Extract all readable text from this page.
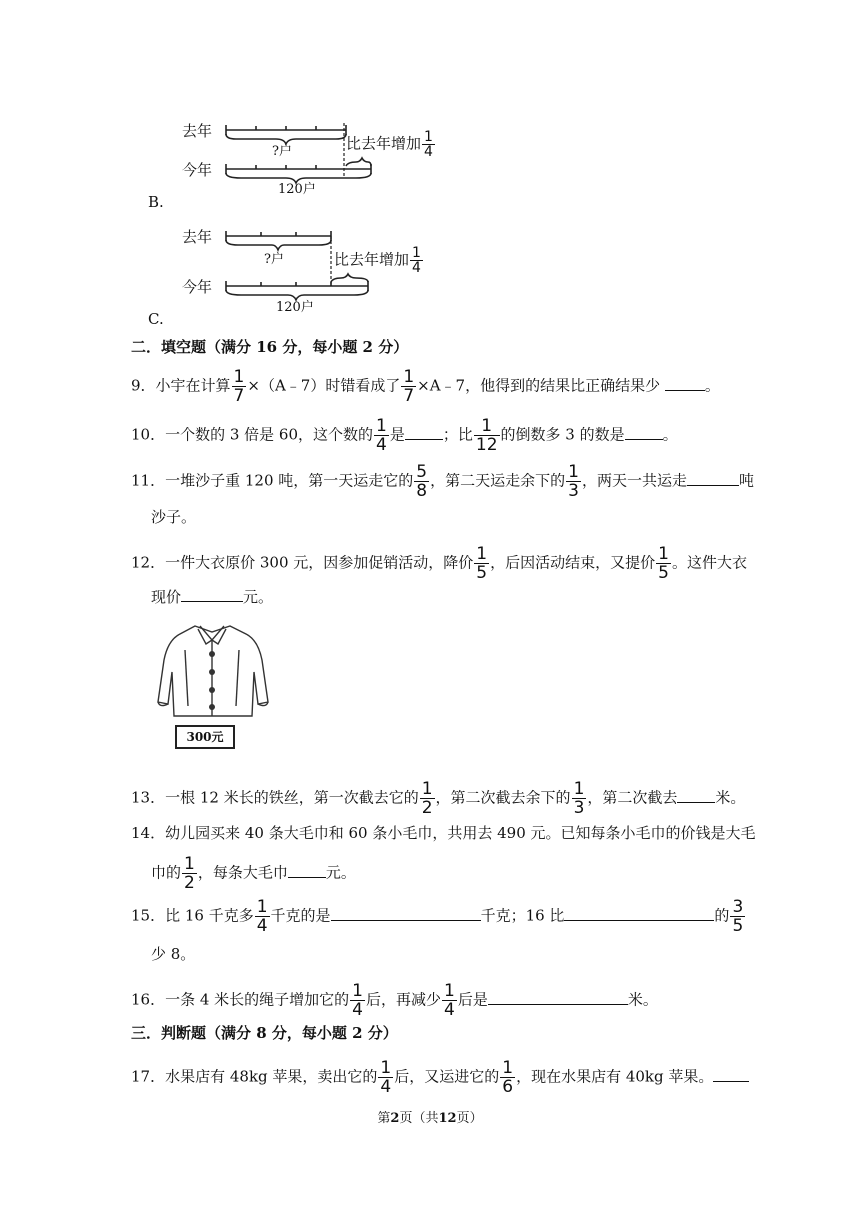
去年
今年
?户
120户
比去年增加 $\frac{1}{4}$
B.
去年
今年
?户
120户
比去年增加 $\frac{1}{4}$
C.
二．填空题（满分 16 分，每小题 2 分）
9．小宇在计算 $\frac{1}{7}$ ×（A﹣7）时错看成了 $\frac{1}{7}$ ×A﹣7，他得到的结果比正确结果少	。
10．一个数的 3 倍是 60，这个数的 $\frac{1}{4}$ 是	；比 $\frac{1}{12}$ 的倒数多 3 的数是	。
11．一堆沙子重 120 吨，第一天运走它的 $\frac{5}{8}$ ，第二天运走余下的 $\frac{1}{3}$ ，两天一共运走	吨
沙子。
12．一件大衣原价 300 元，因参加促销活动，降价 $\frac{1}{5}$ ，后因活动结束，又提价 $\frac{1}{5}$ 。这件大衣
现价	元。
300元
13．一根 12 米长的铁丝，第一次截去它的 $\frac{1}{2}$ ，第二次截去余下的 $\frac{1}{3}$ ，第二次截去	米。
14．幼儿园买来 40 条大毛巾和 60 条小毛巾，共用去 490 元。已知每条小毛巾的价钱是大毛
巾的 $\frac{1}{2}$ ，每条大毛巾	元。
15．比 16 千克多 $\frac{1}{4}$ 千克的是	千克；16 比	的 $\frac{3}{5}$
少 8。
16．一条 4 米长的绳子增加它的 $\frac{1}{4}$ 后，再减少 $\frac{1}{4}$ 后是	米。
三．判断题（满分 8 分，每小题 2 分）
17．水果店有 48kg 苹果，卖出它的 $\frac{1}{4}$ 后，又运进它的 $\frac{1}{6}$ ，现在水果店有 40kg 苹果。
第2页（共12页）
